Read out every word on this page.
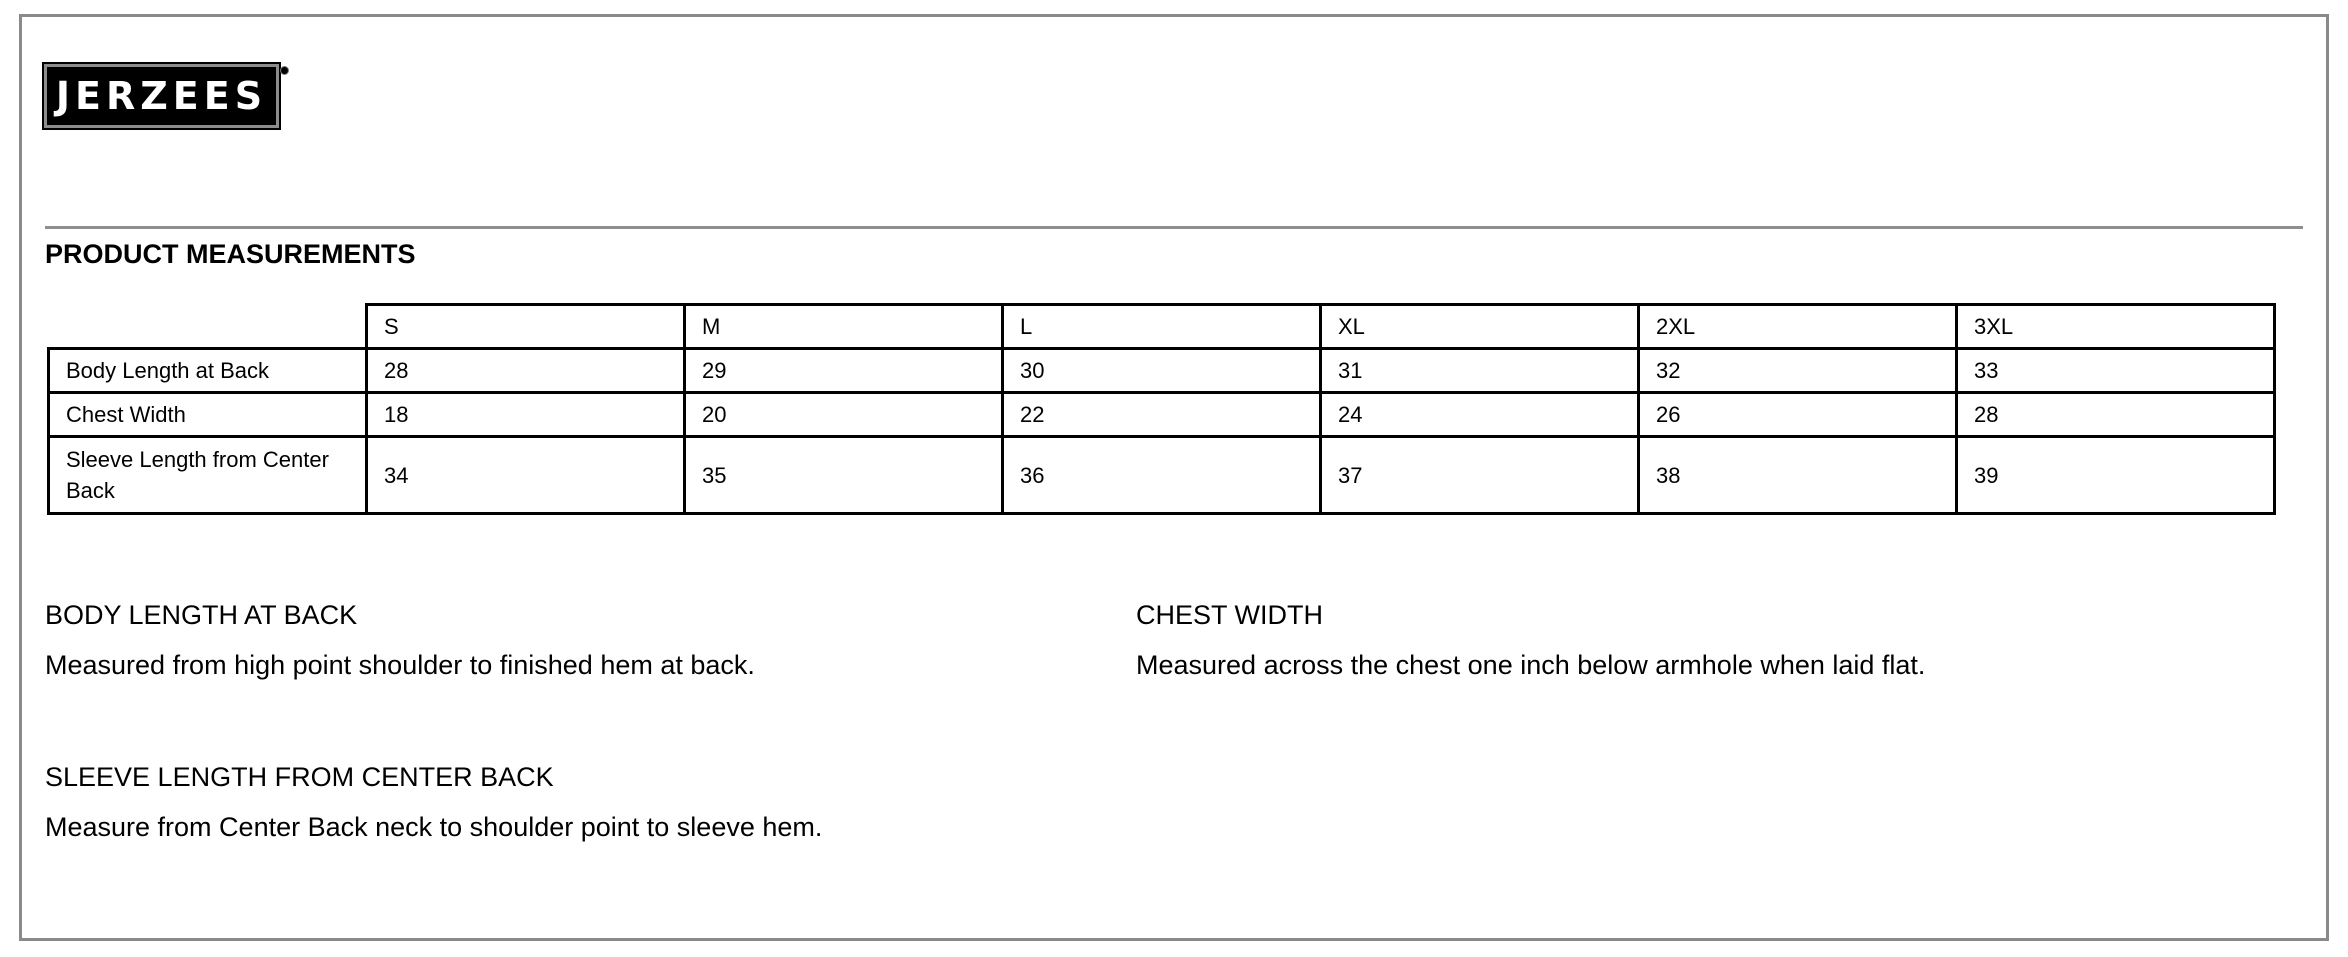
JERZEES
PRODUCT MEASUREMENTS
	S	M	L	XL	2XL	3XL
Body Length at Back	28	29	30	31	32	33
Chest Width	18	20	22	24	26	28
Sleeve Length from Center Back	34	35	36	37	38	39
BODY LENGTH AT BACK
Measured from high point shoulder to finished hem at back.
CHEST WIDTH
Measured across the chest one inch below armhole when laid flat.
SLEEVE LENGTH FROM CENTER BACK
Measure from Center Back neck to shoulder point to sleeve hem.
